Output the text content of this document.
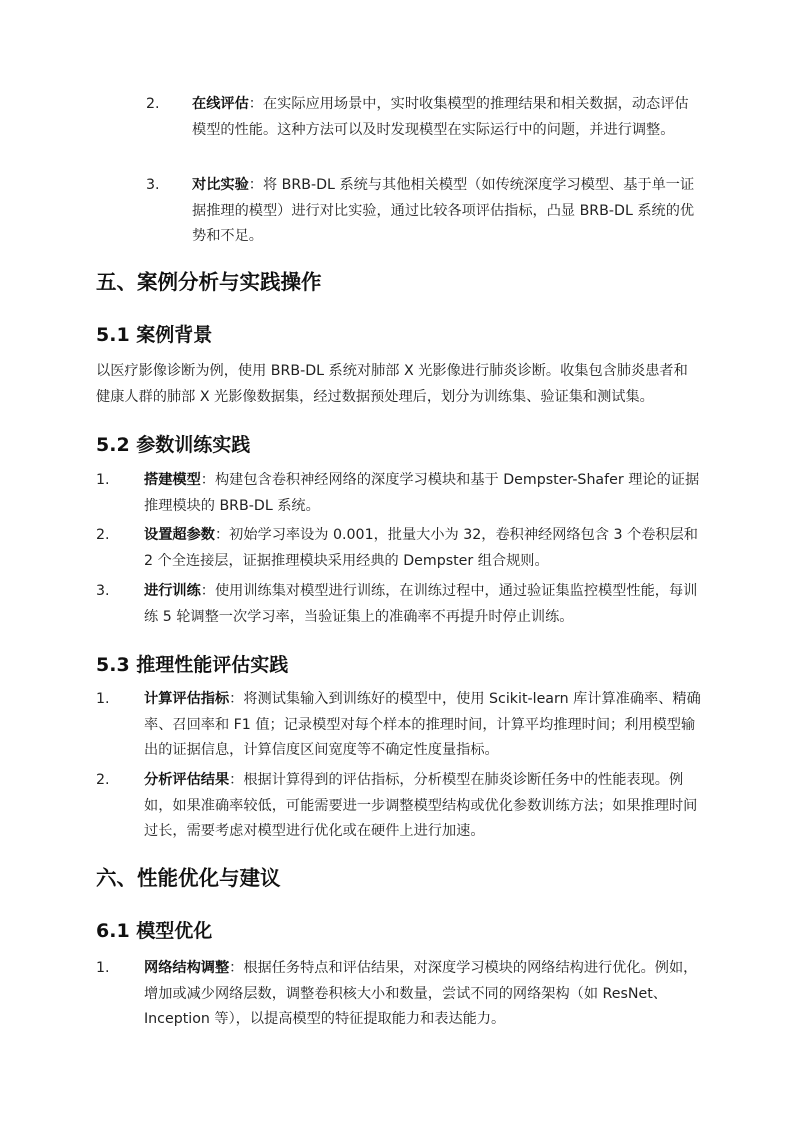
2. 在线评估：在实际应用场景中，实时收集模型的推理结果和相关数据，动态评估模型的性能。这种方法可以及时发现模型在实际运行中的问题，并进行调整。
3. 对比实验：将 BRB-DL 系统与其他相关模型（如传统深度学习模型、基于单一证据推理的模型）进行对比实验，通过比较各项评估指标，凸显 BRB-DL 系统的优势和不足。
五、案例分析与实践操作
5.1 案例背景
以医疗影像诊断为例，使用 BRB-DL 系统对肺部 X 光影像进行肺炎诊断。收集包含肺炎患者和健康人群的肺部 X 光影像数据集，经过数据预处理后，划分为训练集、验证集和测试集。
5.2 参数训练实践
1. 搭建模型：构建包含卷积神经网络的深度学习模块和基于 Dempster-Shafer 理论的证据推理模块的 BRB-DL 系统。
2. 设置超参数：初始学习率设为 0.001，批量大小为 32，卷积神经网络包含 3 个卷积层和 2 个全连接层，证据推理模块采用经典的 Dempster 组合规则。
3. 进行训练：使用训练集对模型进行训练，在训练过程中，通过验证集监控模型性能，每训练 5 轮调整一次学习率，当验证集上的准确率不再提升时停止训练。
5.3 推理性能评估实践
1. 计算评估指标：将测试集输入到训练好的模型中，使用 Scikit-learn 库计算准确率、精确率、召回率和 F1 值；记录模型对每个样本的推理时间，计算平均推理时间；利用模型输出的证据信息，计算信度区间宽度等不确定性度量指标。
2. 分析评估结果：根据计算得到的评估指标，分析模型在肺炎诊断任务中的性能表现。例如，如果准确率较低，可能需要进一步调整模型结构或优化参数训练方法；如果推理时间过长，需要考虑对模型进行优化或在硬件上进行加速。
六、性能优化与建议
6.1 模型优化
1. 网络结构调整：根据任务特点和评估结果，对深度学习模块的网络结构进行优化。例如，增加或减少网络层数，调整卷积核大小和数量，尝试不同的网络架构（如 ResNet、Inception 等），以提高模型的特征提取能力和表达能力。
